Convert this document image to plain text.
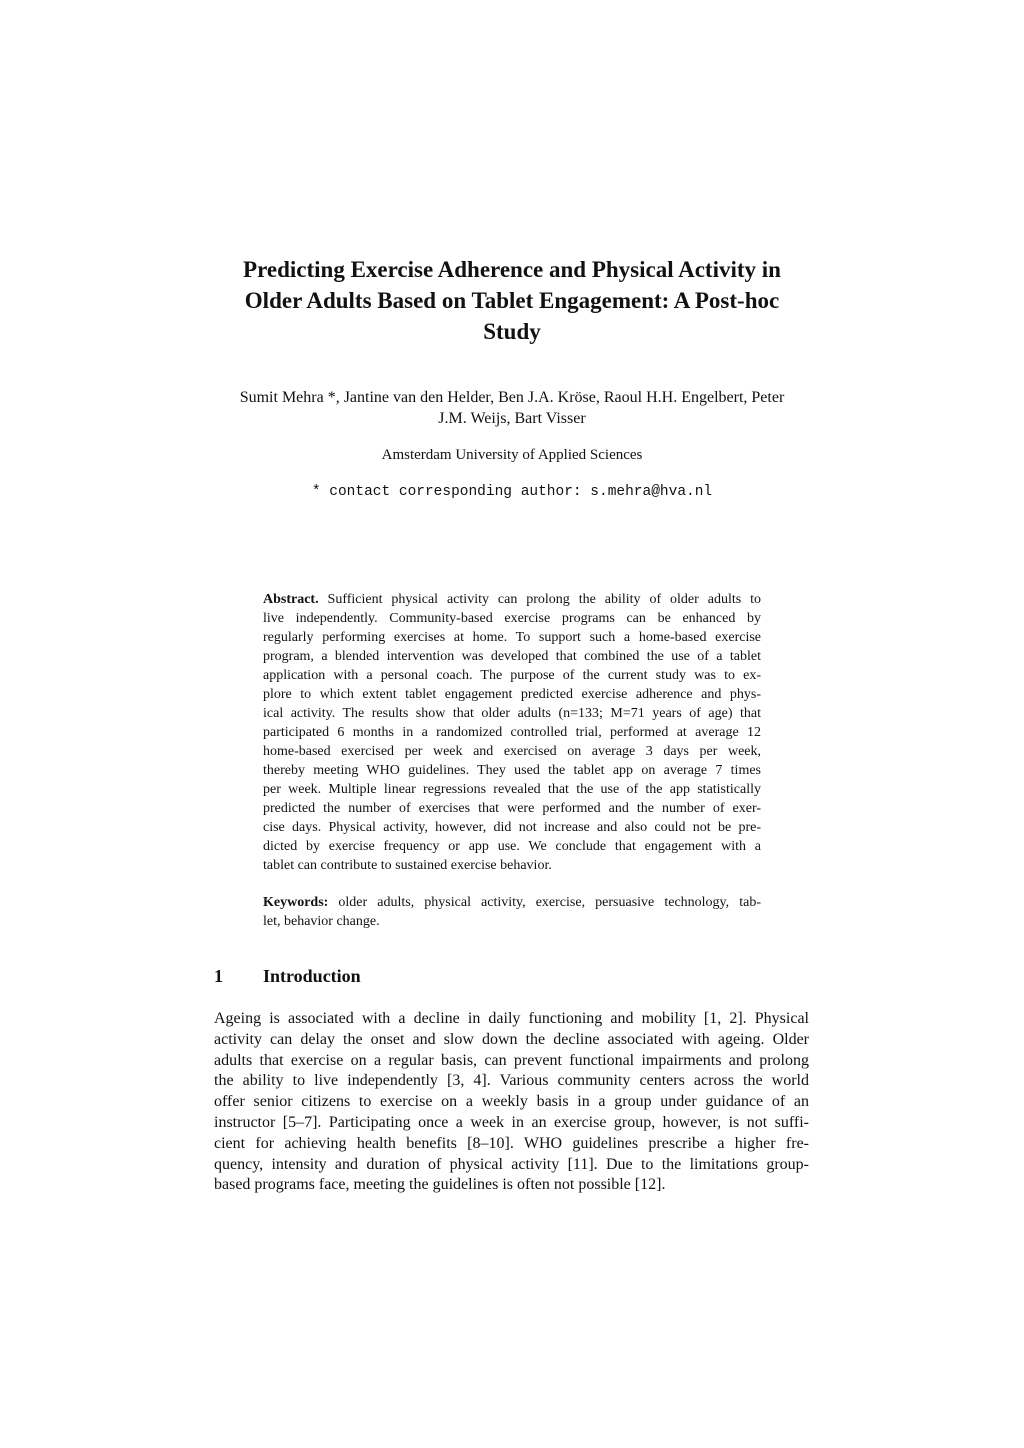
Predicting Exercise Adherence and Physical Activity in
Older Adults Based on Tablet Engagement: A Post-hoc
Study
Sumit Mehra *, Jantine van den Helder, Ben J.A. Kröse, Raoul H.H. Engelbert, Peter
J.M. Weijs, Bart Visser
Amsterdam University of Applied Sciences
* contact corresponding author: s.mehra@hva.nl
Abstract. Sufficient physical activity can prolong the ability of older adults to
live independently. Community-based exercise programs can be enhanced by
regularly performing exercises at home. To support such a home-based exercise
program, a blended intervention was developed that combined the use of a tablet
application with a personal coach. The purpose of the current study was to ex-
plore to which extent tablet engagement predicted exercise adherence and phys-
ical activity. The results show that older adults (n=133; M=71 years of age) that
participated 6 months in a randomized controlled trial, performed at average 12
home-based exercised per week and exercised on average 3 days per week,
thereby meeting WHO guidelines. They used the tablet app on average 7 times
per week. Multiple linear regressions revealed that the use of the app statistically
predicted the number of exercises that were performed and the number of exer-
cise days. Physical activity, however, did not increase and also could not be pre-
dicted by exercise frequency or app use. We conclude that engagement with a
tablet can contribute to sustained exercise behavior.
Keywords: older adults, physical activity, exercise, persuasive technology, tab-
let, behavior change.
1 Introduction
Ageing is associated with a decline in daily functioning and mobility [1, 2]. Physical
activity can delay the onset and slow down the decline associated with ageing. Older
adults that exercise on a regular basis, can prevent functional impairments and prolong
the ability to live independently [3, 4]. Various community centers across the world
offer senior citizens to exercise on a weekly basis in a group under guidance of an
instructor [5–7]. Participating once a week in an exercise group, however, is not suffi-
cient for achieving health benefits [8–10]. WHO guidelines prescribe a higher fre-
quency, intensity and duration of physical activity [11]. Due to the limitations group-
based programs face, meeting the guidelines is often not possible [12].
